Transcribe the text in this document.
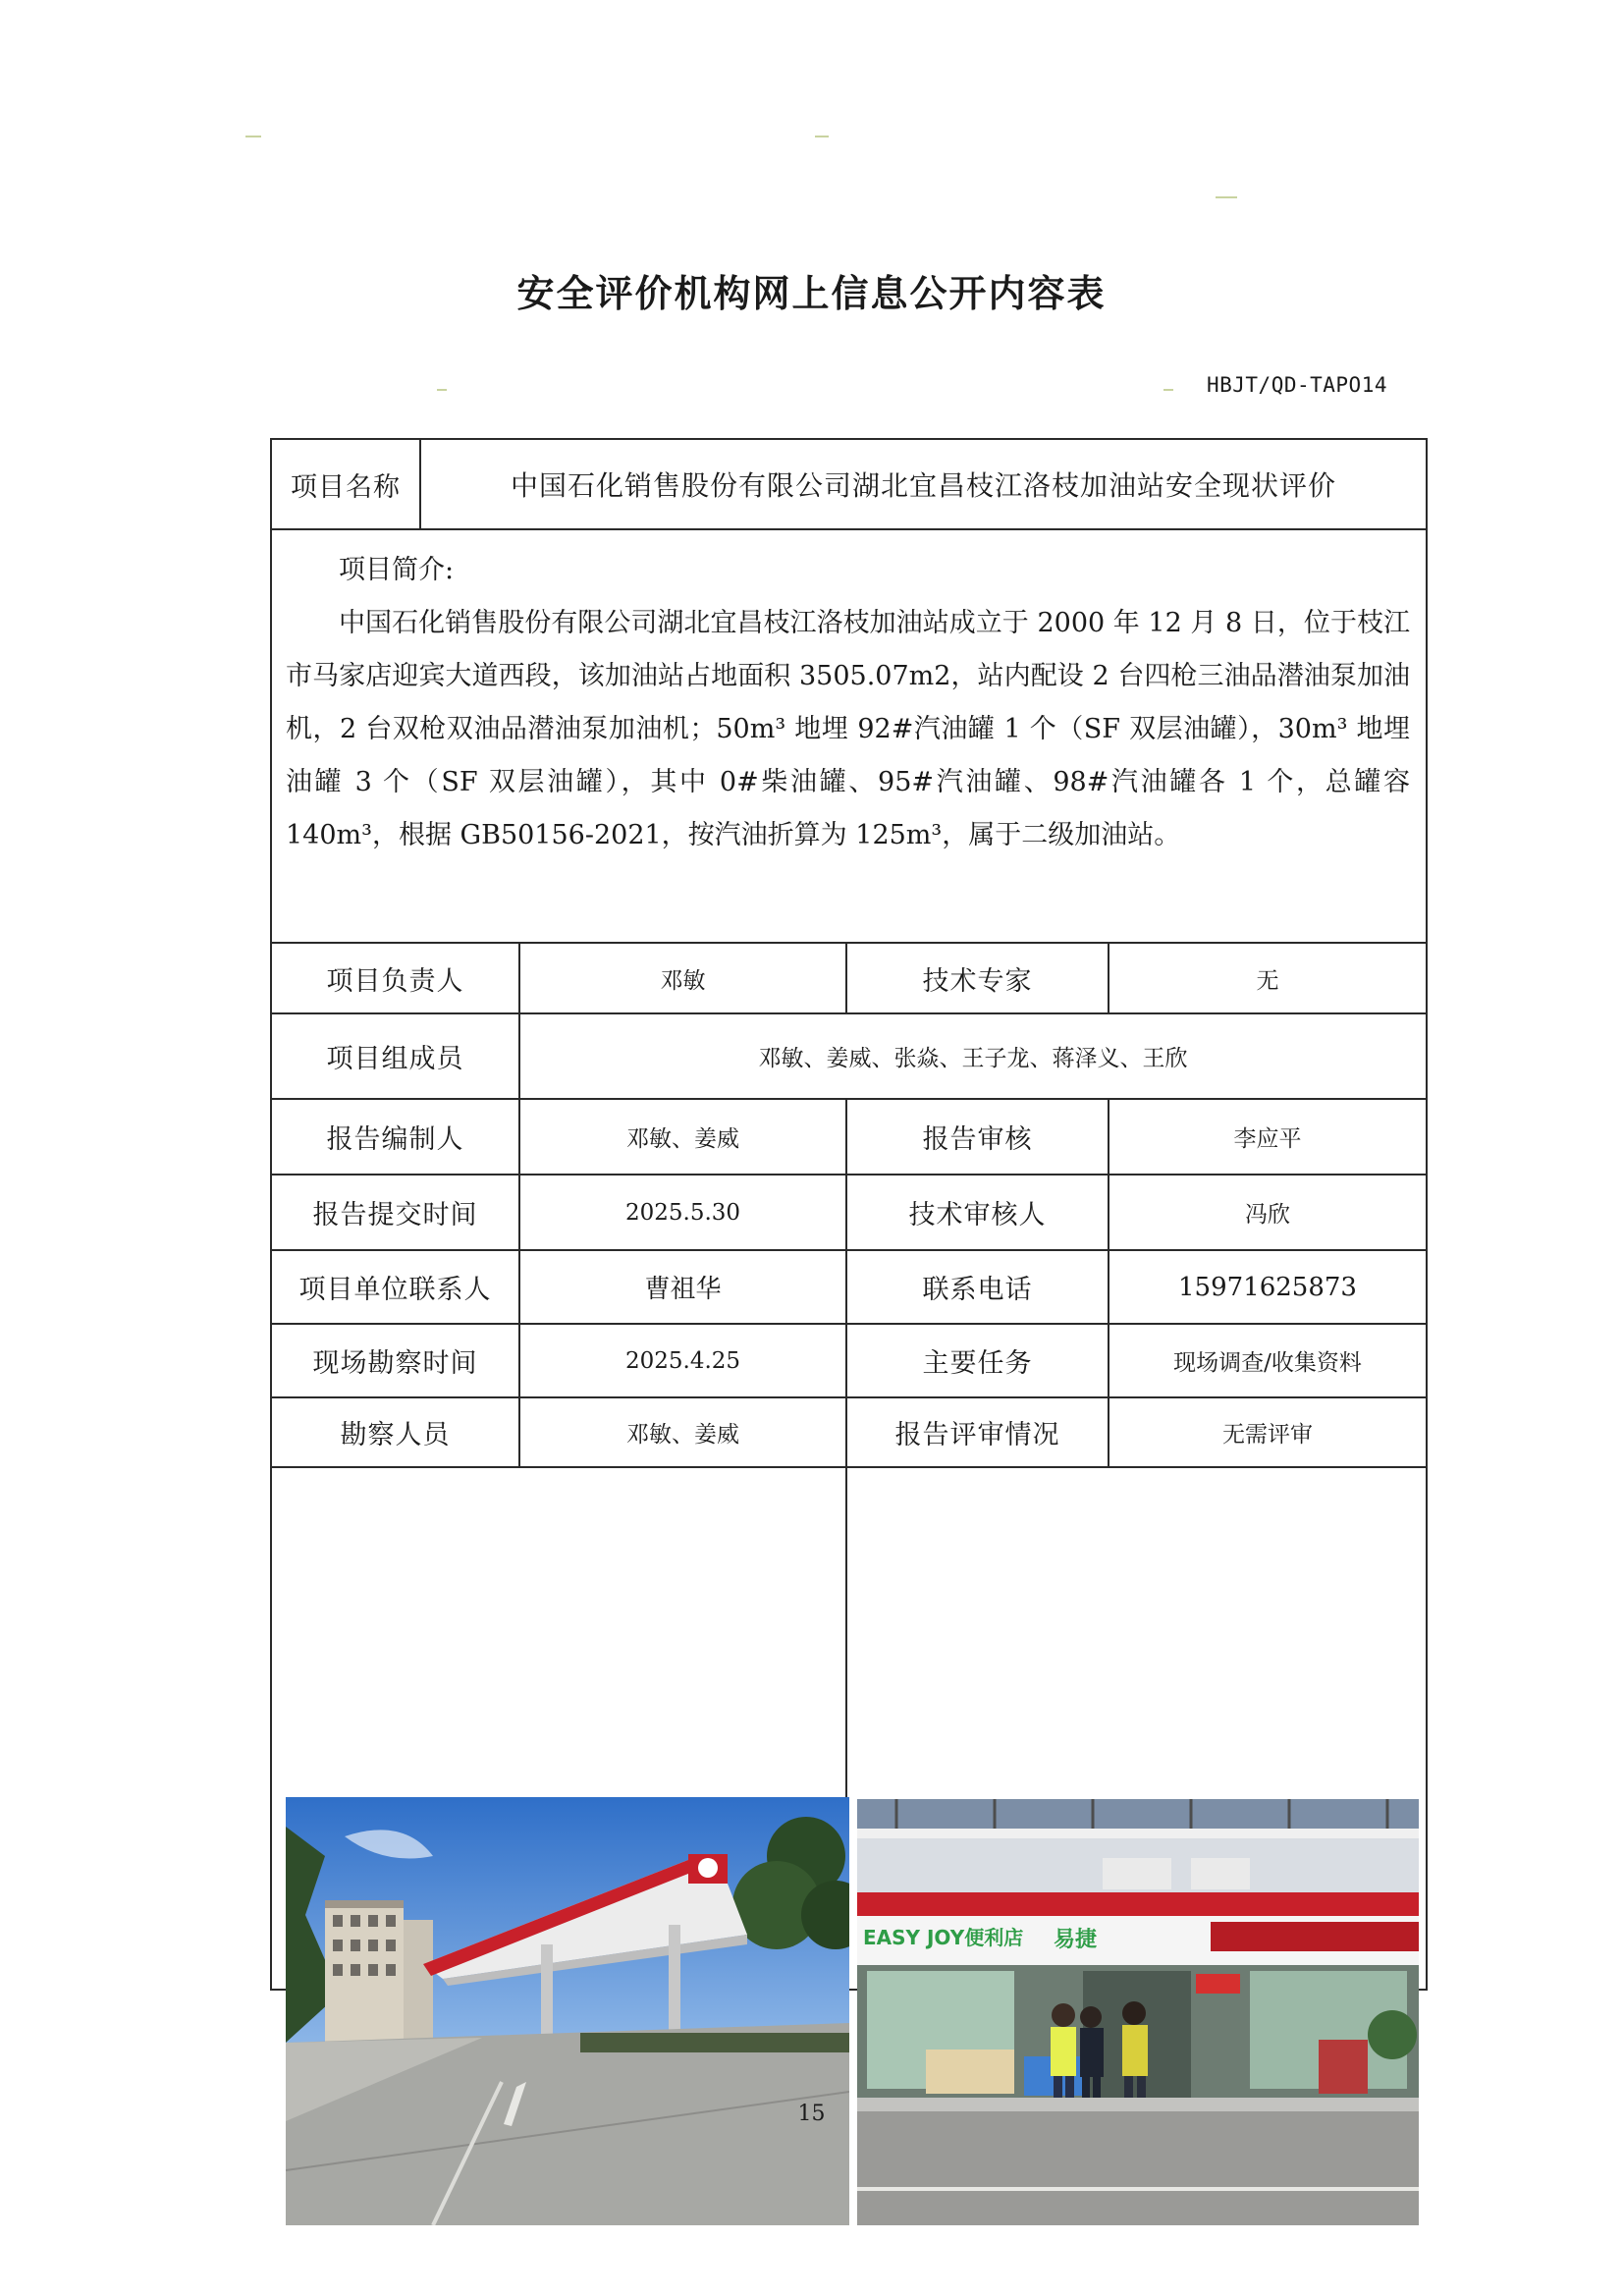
安全评价机构网上信息公开内容表
HBJT/QD-TAPO14
项目名称	中国石化销售股份有限公司湖北宜昌枝江洛枝加油站安全现状评价			

项目简介:

中国石化销售股份有限公司湖北宜昌枝江洛枝加油站成立于 2000 年 12 月 8 日，位于枝江市马家店迎宾大道西段，该加油站占地面积 3505.07m2，站内配设 2 台四枪三油品潜油泵加油机，2 台双枪双油品潜油泵加油机；50m³ 地埋 92#汽油罐 1 个（SF 双层油罐），30m³ 地埋油罐 3 个（SF 双层油罐），其中 0#柴油罐、95#汽油罐、98#汽油罐各 1 个，总罐容 140m³，根据 GB50156-2021，按汽油折算为 125m³，属于二级加油站。				

项目负责人		邓敏	技术专家	无
项目组成员		邓敏、姜威、张焱、王子龙、蒋泽义、王欣		
报告编制人		邓敏、姜威	报告审核	李应平
报告提交时间		2025.5.30	技术审核人	冯欣
项目单位联系人		曹祖华	联系电话	15971625873
现场勘察时间		2025.4.25	主要任务	现场调查/收集资料
勘察人员		邓敏、姜威	报告评审情况	无需评审

EASY JOY便利店 易捷	
15
